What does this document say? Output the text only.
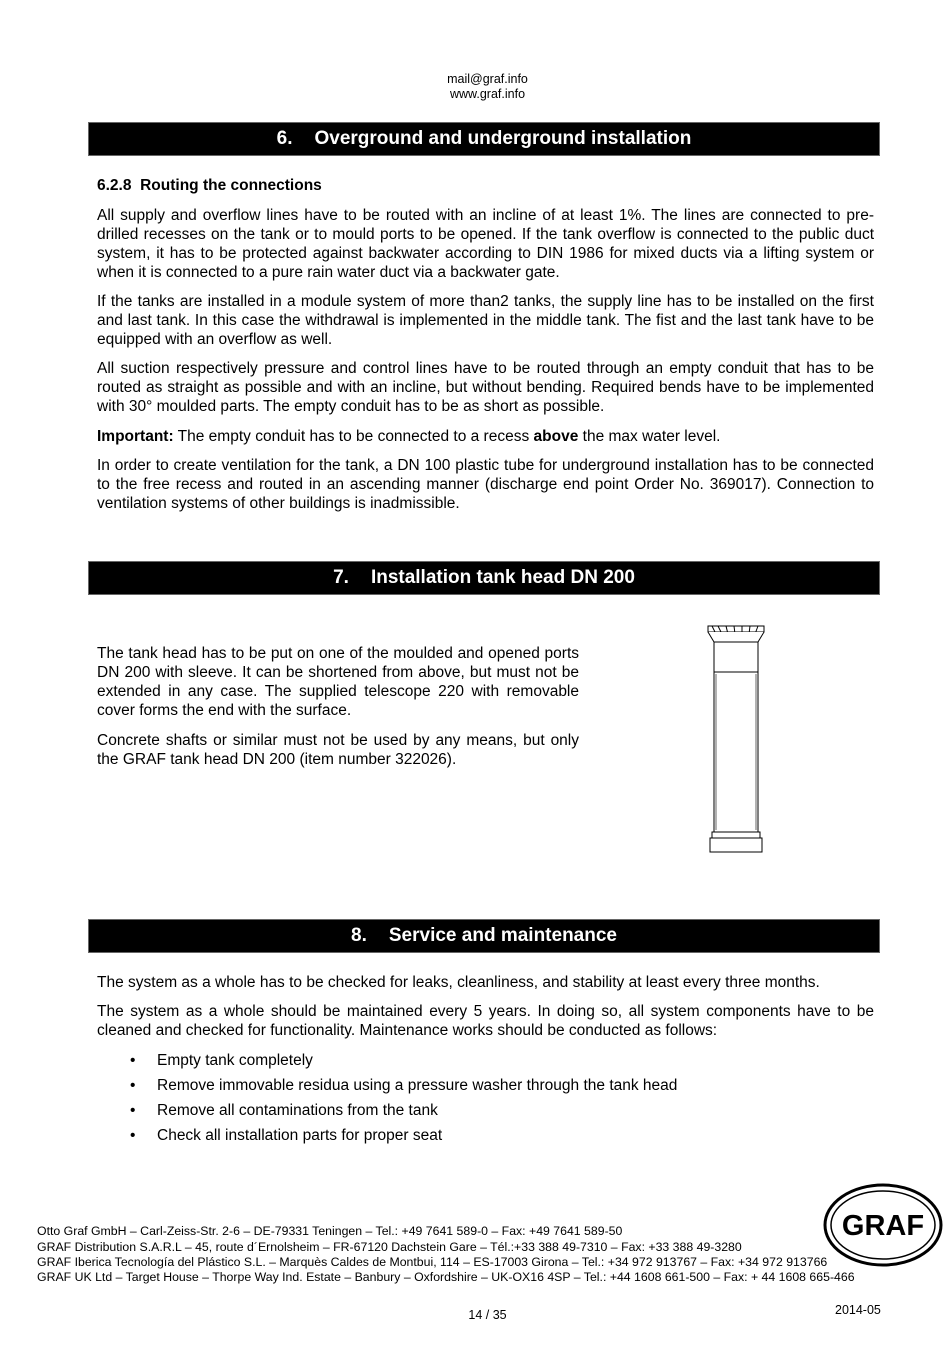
mail@graf.info
www.graf.info
6. Overground and underground installation
6.2.8 Routing the connections
All supply and overflow lines have to be routed with an incline of at least 1%. The lines are connected to pre-drilled recesses on the tank or to mould ports to be opened. If the tank overflow is connected to the public duct system, it has to be protected against backwater according to DIN 1986 for mixed ducts via a lifting system or when it is connected to a pure rain water duct via a backwater gate.
If the tanks are installed in a module system of more than2 tanks, the supply line has to be installed on the first and last tank. In this case the withdrawal is implemented in the middle tank. The fist and the last tank have to be equipped with an overflow as well.
All suction respectively pressure and control lines have to be routed through an empty conduit that has to be routed as straight as possible and with an incline, but without bending. Required bends have to be implemented with 30° moulded parts. The empty conduit has to be as short as possible.
Important: The empty conduit has to be connected to a recess above the max water level.
In order to create ventilation for the tank, a DN 100 plastic tube for underground installation has to be connected to the free recess and routed in an ascending manner (discharge end point Order No. 369017). Connection to ventilation systems of other buildings is inadmissible.
7. Installation tank head DN 200
The tank head has to be put on one of the moulded and opened ports DN 200 with sleeve. It can be shortened from above, but must not be extended in any case. The supplied telescope 220 with removable cover forms the end with the surface.
Concrete shafts or similar must not be used by any means, but only the GRAF tank head DN 200 (item number 322026).
8. Service and maintenance
The system as a whole has to be checked for leaks, cleanliness, and stability at least every three months.
The system as a whole should be maintained every 5 years. In doing so, all system components have to be cleaned and checked for functionality. Maintenance works should be conducted as follows:
• Empty tank completely
• Remove immovable residua using a pressure washer through the tank head
• Remove all contaminations from the tank
• Check all installation parts for proper seat
GRAF
Otto Graf GmbH – Carl-Zeiss-Str. 2-6 – DE-79331 Teningen – Tel.: +49 7641 589-0 – Fax: +49 7641 589-50
GRAF Distribution S.A.R.L – 45, route d´Ernolsheim – FR-67120 Dachstein Gare – Tél.:+33 388 49-7310 – Fax: +33 388 49-3280
GRAF Iberica Tecnología del Plástico S.L. – Marquès Caldes de Montbui, 114 – ES-17003 Girona – Tel.: +34 972 913767 – Fax: +34 972 913766
GRAF UK Ltd – Target House – Thorpe Way Ind. Estate – Banbury – Oxfordshire – UK-OX16 4SP – Tel.: +44 1608 661-500 – Fax: + 44 1608 665-466
14 / 35	2014-05
